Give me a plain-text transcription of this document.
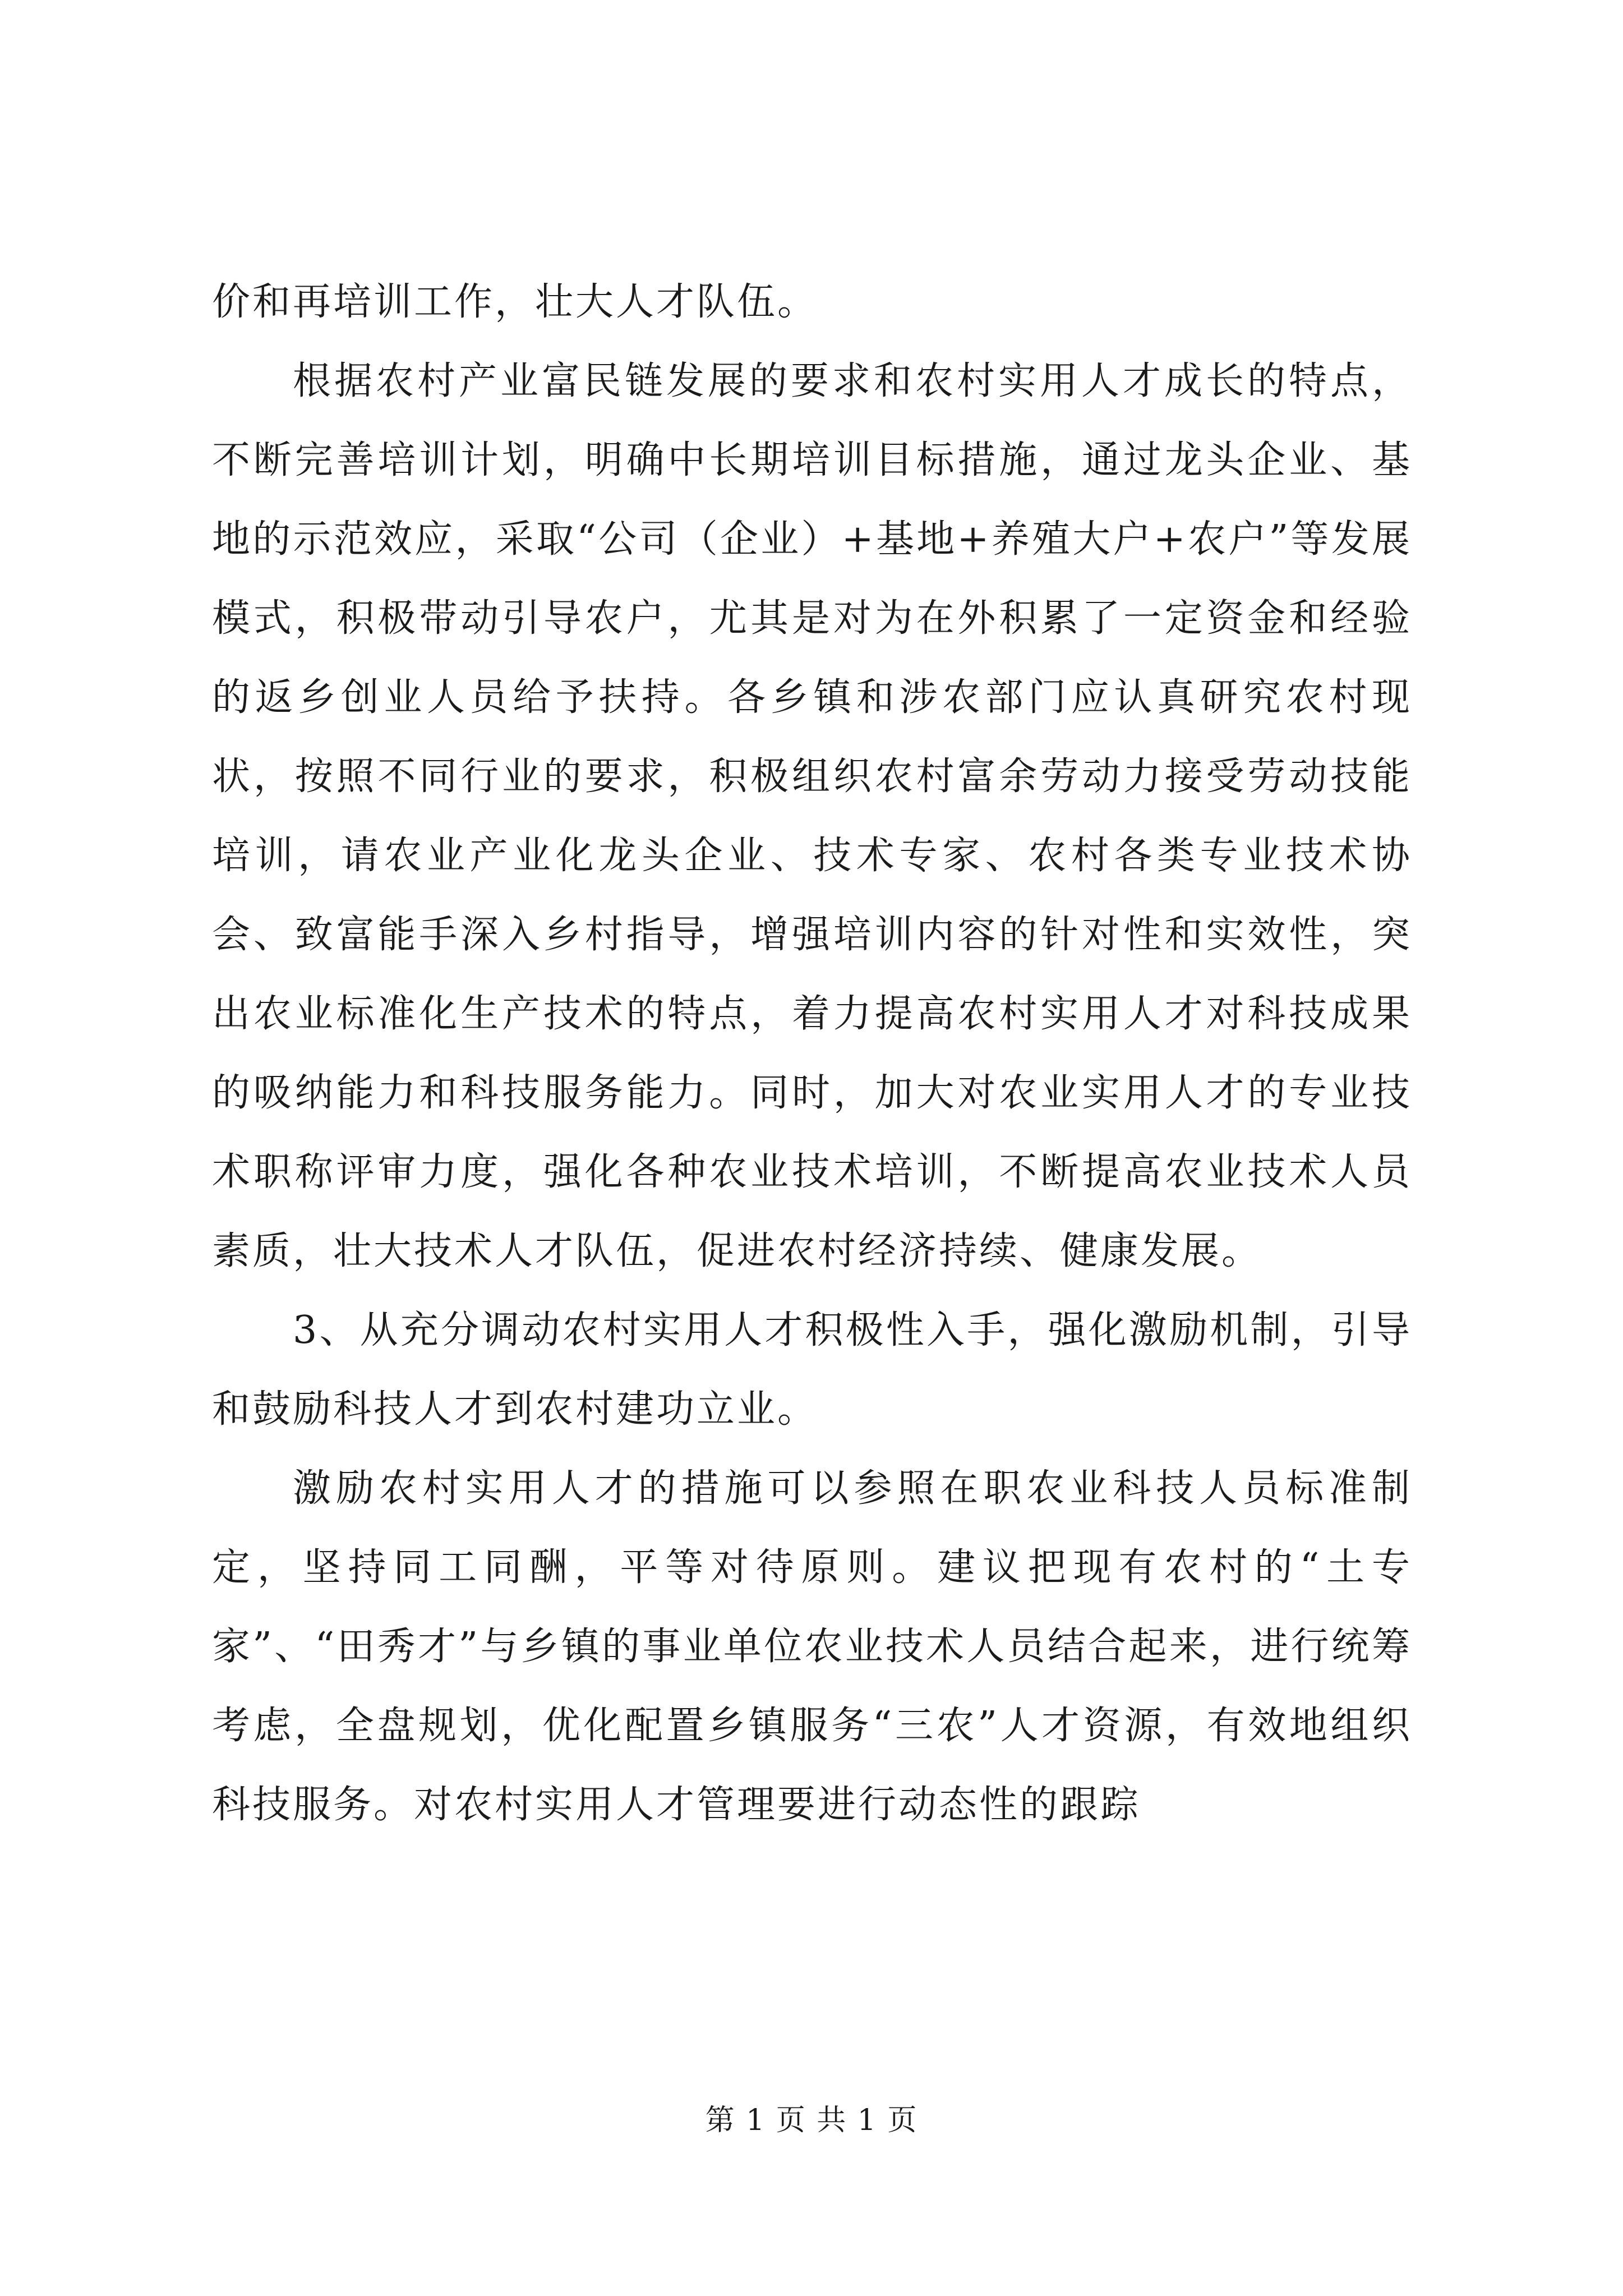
价和再培训工作，壮大人才队伍。

根据农村产业富民链发展的要求和农村实用人才成长的特点，不断完善培训计划，明确中长期培训目标措施，通过龙头企业、基地的示范效应，采取“公司（企业）+基地+养殖大户+农户”等发展模式，积极带动引导农户，尤其是对为在外积累了一定资金和经验的返乡创业人员给予扶持。各乡镇和涉农部门应认真研究农村现状，按照不同行业的要求，积极组织农村富余劳动力接受劳动技能培训，请农业产业化龙头企业、技术专家、农村各类专业技术协会、致富能手深入乡村指导，增强培训内容的针对性和实效性，突出农业标准化生产技术的特点，着力提高农村实用人才对科技成果的吸纳能力和科技服务能力。同时，加大对农业实用人才的专业技术职称评审力度，强化各种农业技术培训，不断提高农业技术人员素质，壮大技术人才队伍，促进农村经济持续、健康发展。

3、从充分调动农村实用人才积极性入手，强化激励机制，引导和鼓励科技人才到农村建功立业。

激励农村实用人才的措施可以参照在职农业科技人员标准制定，坚持同工同酬，平等对待原则。建议把现有农村的“土专家”、“田秀才”与乡镇的事业单位农业技术人员结合起来，进行统筹考虑，全盘规划，优化配置乡镇服务“三农”人才资源，有效地组织科技服务。对农村实用人才管理要进行动态性的跟踪

第 1 页 共 1 页
